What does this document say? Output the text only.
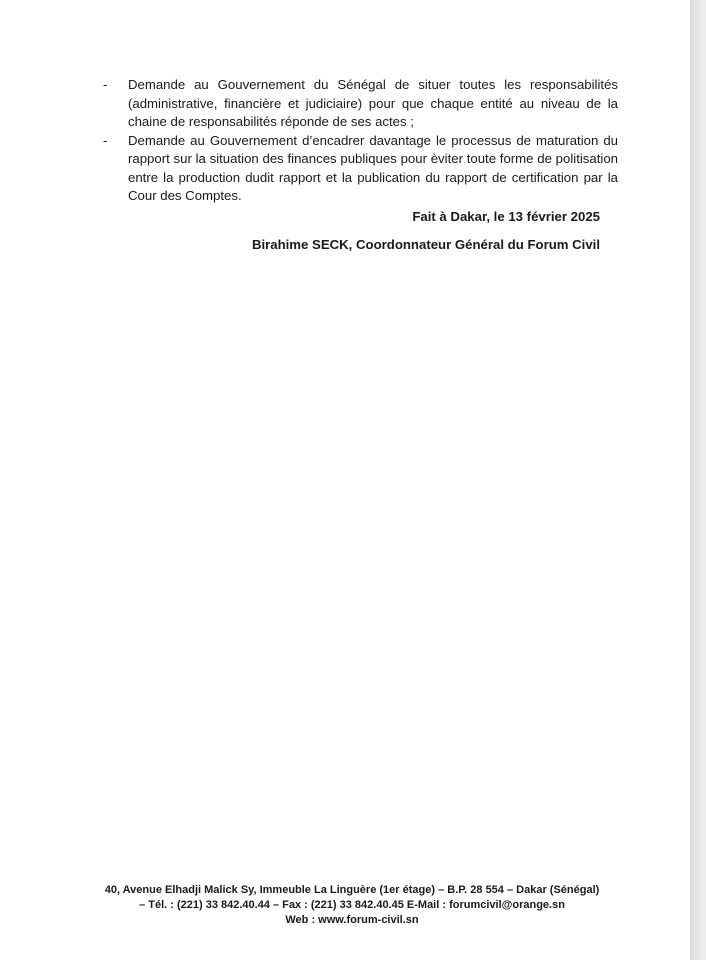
- Demande au Gouvernement du Sénégal de situer toutes les responsabilités (administrative, financière et judiciaire) pour que chaque entité au niveau de la chaine de responsabilités réponde de ses actes ;
- Demande au Gouvernement d’encadrer davantage le processus de maturation du rapport sur la situation des finances publiques pour èviter toute forme de politisation entre la production dudit rapport et la publication du rapport de certification par la Cour des Comptes.
Fait à Dakar, le 13 février 2025
Birahime SECK, Coordonnateur Général du Forum Civil
40, Avenue Elhadji Malick Sy, Immeuble La Linguère (1er étage) – B.P. 28 554 – Dakar (Sénégal)
– Tél. : (221) 33 842.40.44 – Fax : (221) 33 842.40.45 E-Mail : forumcivil@orange.sn
Web : www.forum-civil.sn
